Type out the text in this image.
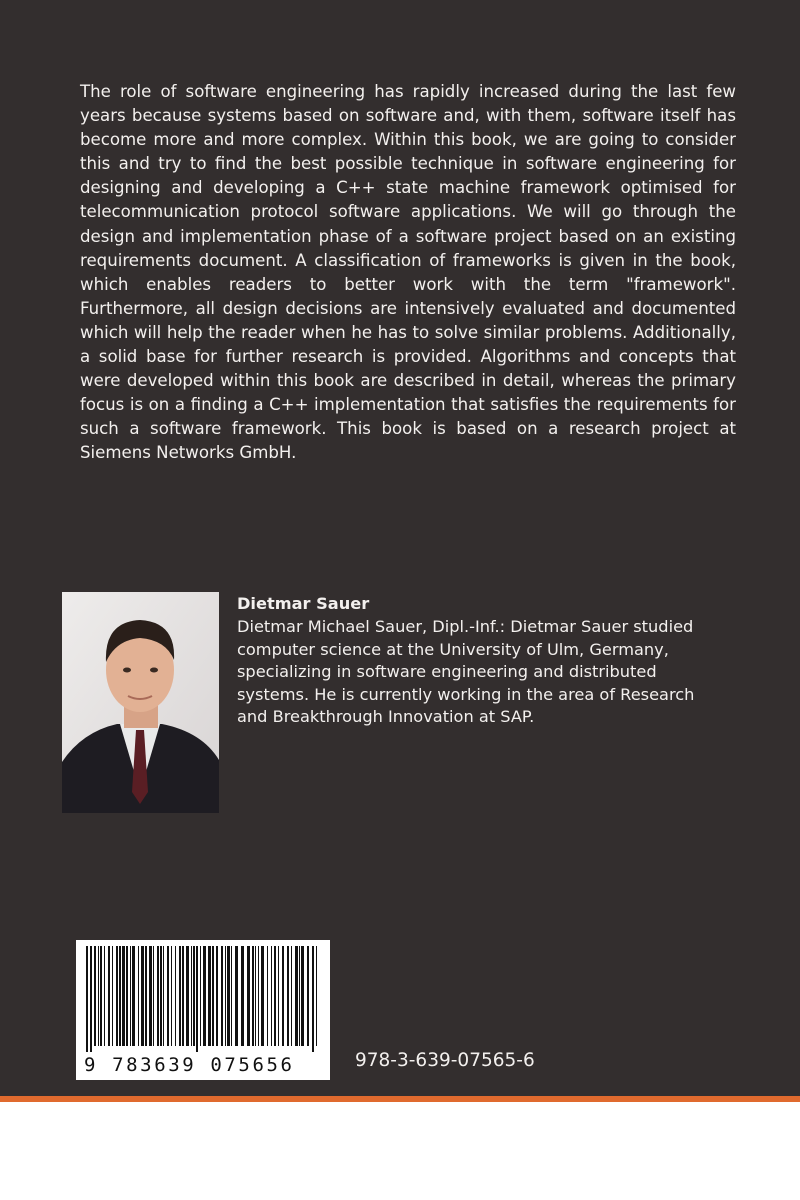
The role of software engineering has rapidly increased during the last few years because systems based on software and, with them, software itself has become more and more complex. Within this book, we are going to consider this and try to find the best possible technique in software engineering for designing and developing a C++ state machine framework optimised for telecommunication protocol software applications. We will go through the design and implementation phase of a software project based on an existing requirements document. A classification of frameworks is given in the book, which enables readers to better work with the term "framework". Furthermore, all design decisions are intensively evaluated and documented which will help the reader when he has to solve similar problems. Additionally, a solid base for further research is provided. Algorithms and concepts that were developed within this book are described in detail, whereas the primary focus is on a finding a C++ implementation that satisfies the requirements for such a software framework. This book is based on a research project at Siemens Networks GmbH.

Dietmar Sauer

Dietmar Michael Sauer, Dipl.-Inf.: Dietmar Sauer studied computer science at the University of Ulm, Germany, specializing in software engineering and distributed systems. He is currently working in the area of Research and Breakthrough Innovation at SAP.

9 783639 075656	978-3-639-07565-6
